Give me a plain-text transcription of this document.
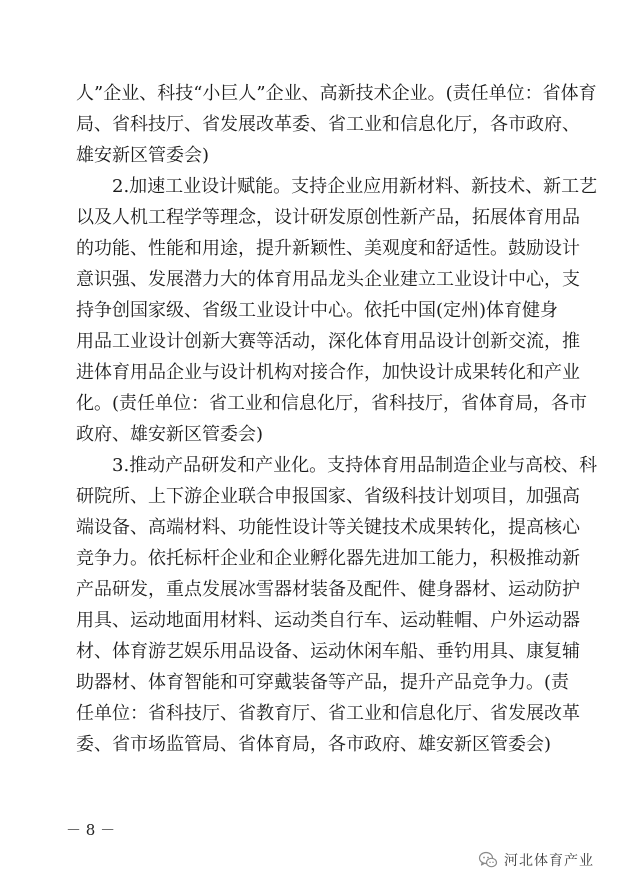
人”企业、科技“小巨人”企业、高新技术企业。(责任单位：省体育
局、省科技厅、省发展改革委、省工业和信息化厅，各市政府、
雄安新区管委会)
2.加速工业设计赋能。支持企业应用新材料、新技术、新工艺
以及人机工程学等理念，设计研发原创性新产品，拓展体育用品
的功能、性能和用途，提升新颖性、美观度和舒适性。鼓励设计
意识强、发展潜力大的体育用品龙头企业建立工业设计中心，支
持争创国家级、省级工业设计中心。依托中国(定州)体育健身
用品工业设计创新大赛等活动，深化体育用品设计创新交流，推
进体育用品企业与设计机构对接合作，加快设计成果转化和产业
化。(责任单位：省工业和信息化厅，省科技厅，省体育局，各市
政府、雄安新区管委会)
3.推动产品研发和产业化。支持体育用品制造企业与高校、科
研院所、上下游企业联合申报国家、省级科技计划项目，加强高
端设备、高端材料、功能性设计等关键技术成果转化，提高核心
竞争力。依托标杆企业和企业孵化器先进加工能力，积极推动新
产品研发，重点发展冰雪器材装备及配件、健身器材、运动防护
用具、运动地面用材料、运动类自行车、运动鞋帽、户外运动器
材、体育游艺娱乐用品设备、运动休闲车船、垂钓用具、康复辅
助器材、体育智能和可穿戴装备等产品，提升产品竞争力。(责
任单位：省科技厅、省教育厅、省工业和信息化厅、省发展改革
委、省市场监管局、省体育局，各市政府、雄安新区管委会)
－ 8 －
河北体育产业
